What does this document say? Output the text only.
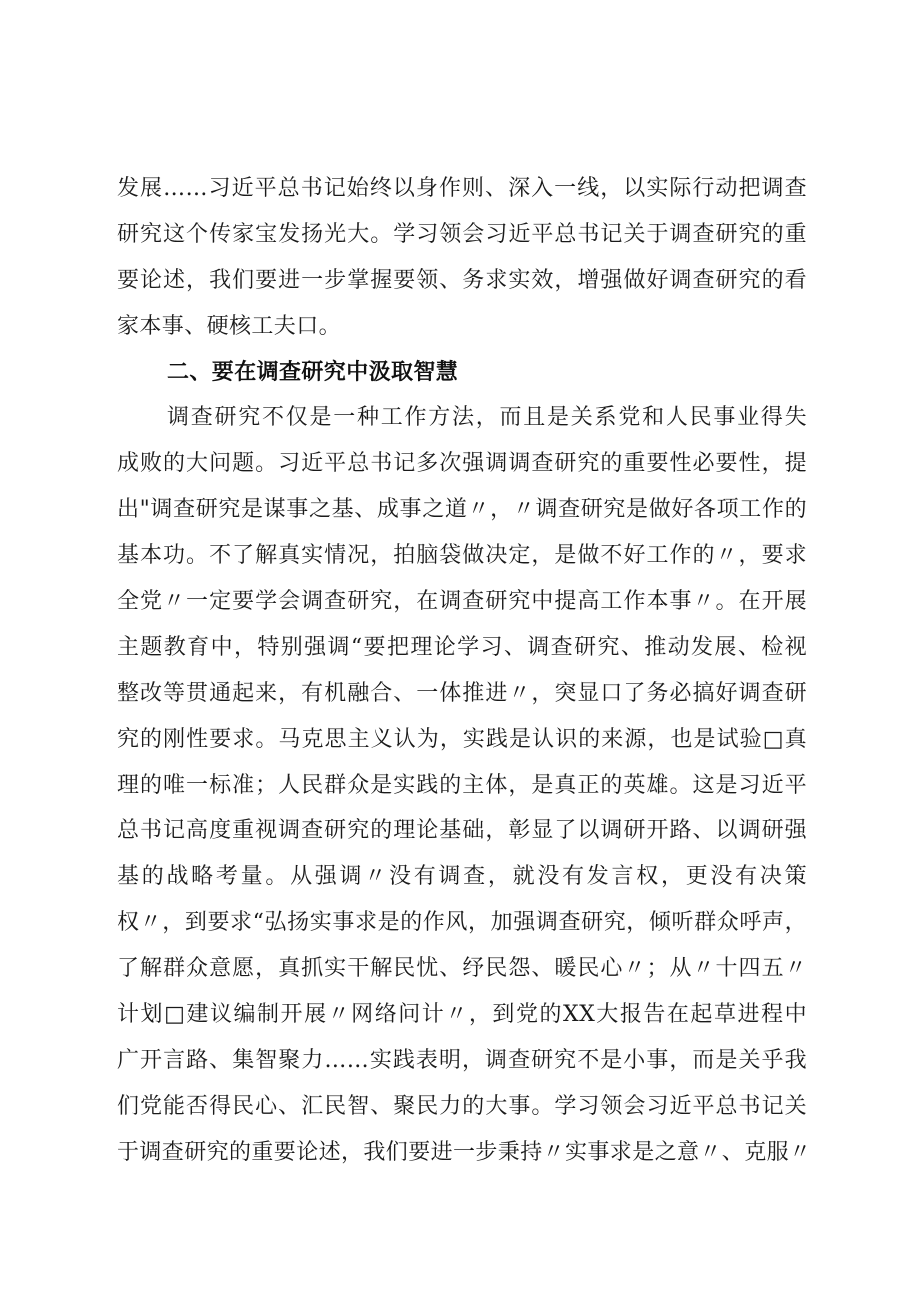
发展……习近平总书记始终以身作则、深入一线，以实际行动把调查
研究这个传家宝发扬光大。学习领会习近平总书记关于调查研究的重
要论述，我们要进一步掌握要领、务求实效，增强做好调查研究的看
家本事、硬核工夫口。
二、要在调查研究中汲取智慧
调查研究不仅是一种工作方法，而且是关系党和人民事业得失
成败的大问题。习近平总书记多次强调调查研究的重要性必要性，提
出"调查研究是谋事之基、成事之道〃，〃调查研究是做好各项工作的
基本功。不了解真实情况，拍脑袋做决定，是做不好工作的〃，要求
全党〃一定要学会调查研究，在调查研究中提高工作本事〃。在开展
主题教育中，特别强调“要把理论学习、调查研究、推动发展、检视
整改等贯通起来，有机融合、一体推进〃，突显口了务必搞好调查研
究的刚性要求。马克思主义认为，实践是认识的来源，也是试验□真
理的唯一标准；人民群众是实践的主体，是真正的英雄。这是习近平
总书记高度重视调查研究的理论基础，彰显了以调研开路、以调研强
基的战略考量。从强调〃没有调查，就没有发言权，更没有决策
权〃，到要求“弘扬实事求是的作风，加强调查研究，倾听群众呼声，
了解群众意愿，真抓实干解民忧、纾民怨、暖民心〃；从〃十四五〃
计划□建议编制开展〃网络问计〃，到党的XX大报告在起草进程中
广开言路、集智聚力……实践表明，调查研究不是小事，而是关乎我
们党能否得民心、汇民智、聚民力的大事。学习领会习近平总书记关
于调查研究的重要论述，我们要进一步秉持〃实事求是之意〃、克服〃
